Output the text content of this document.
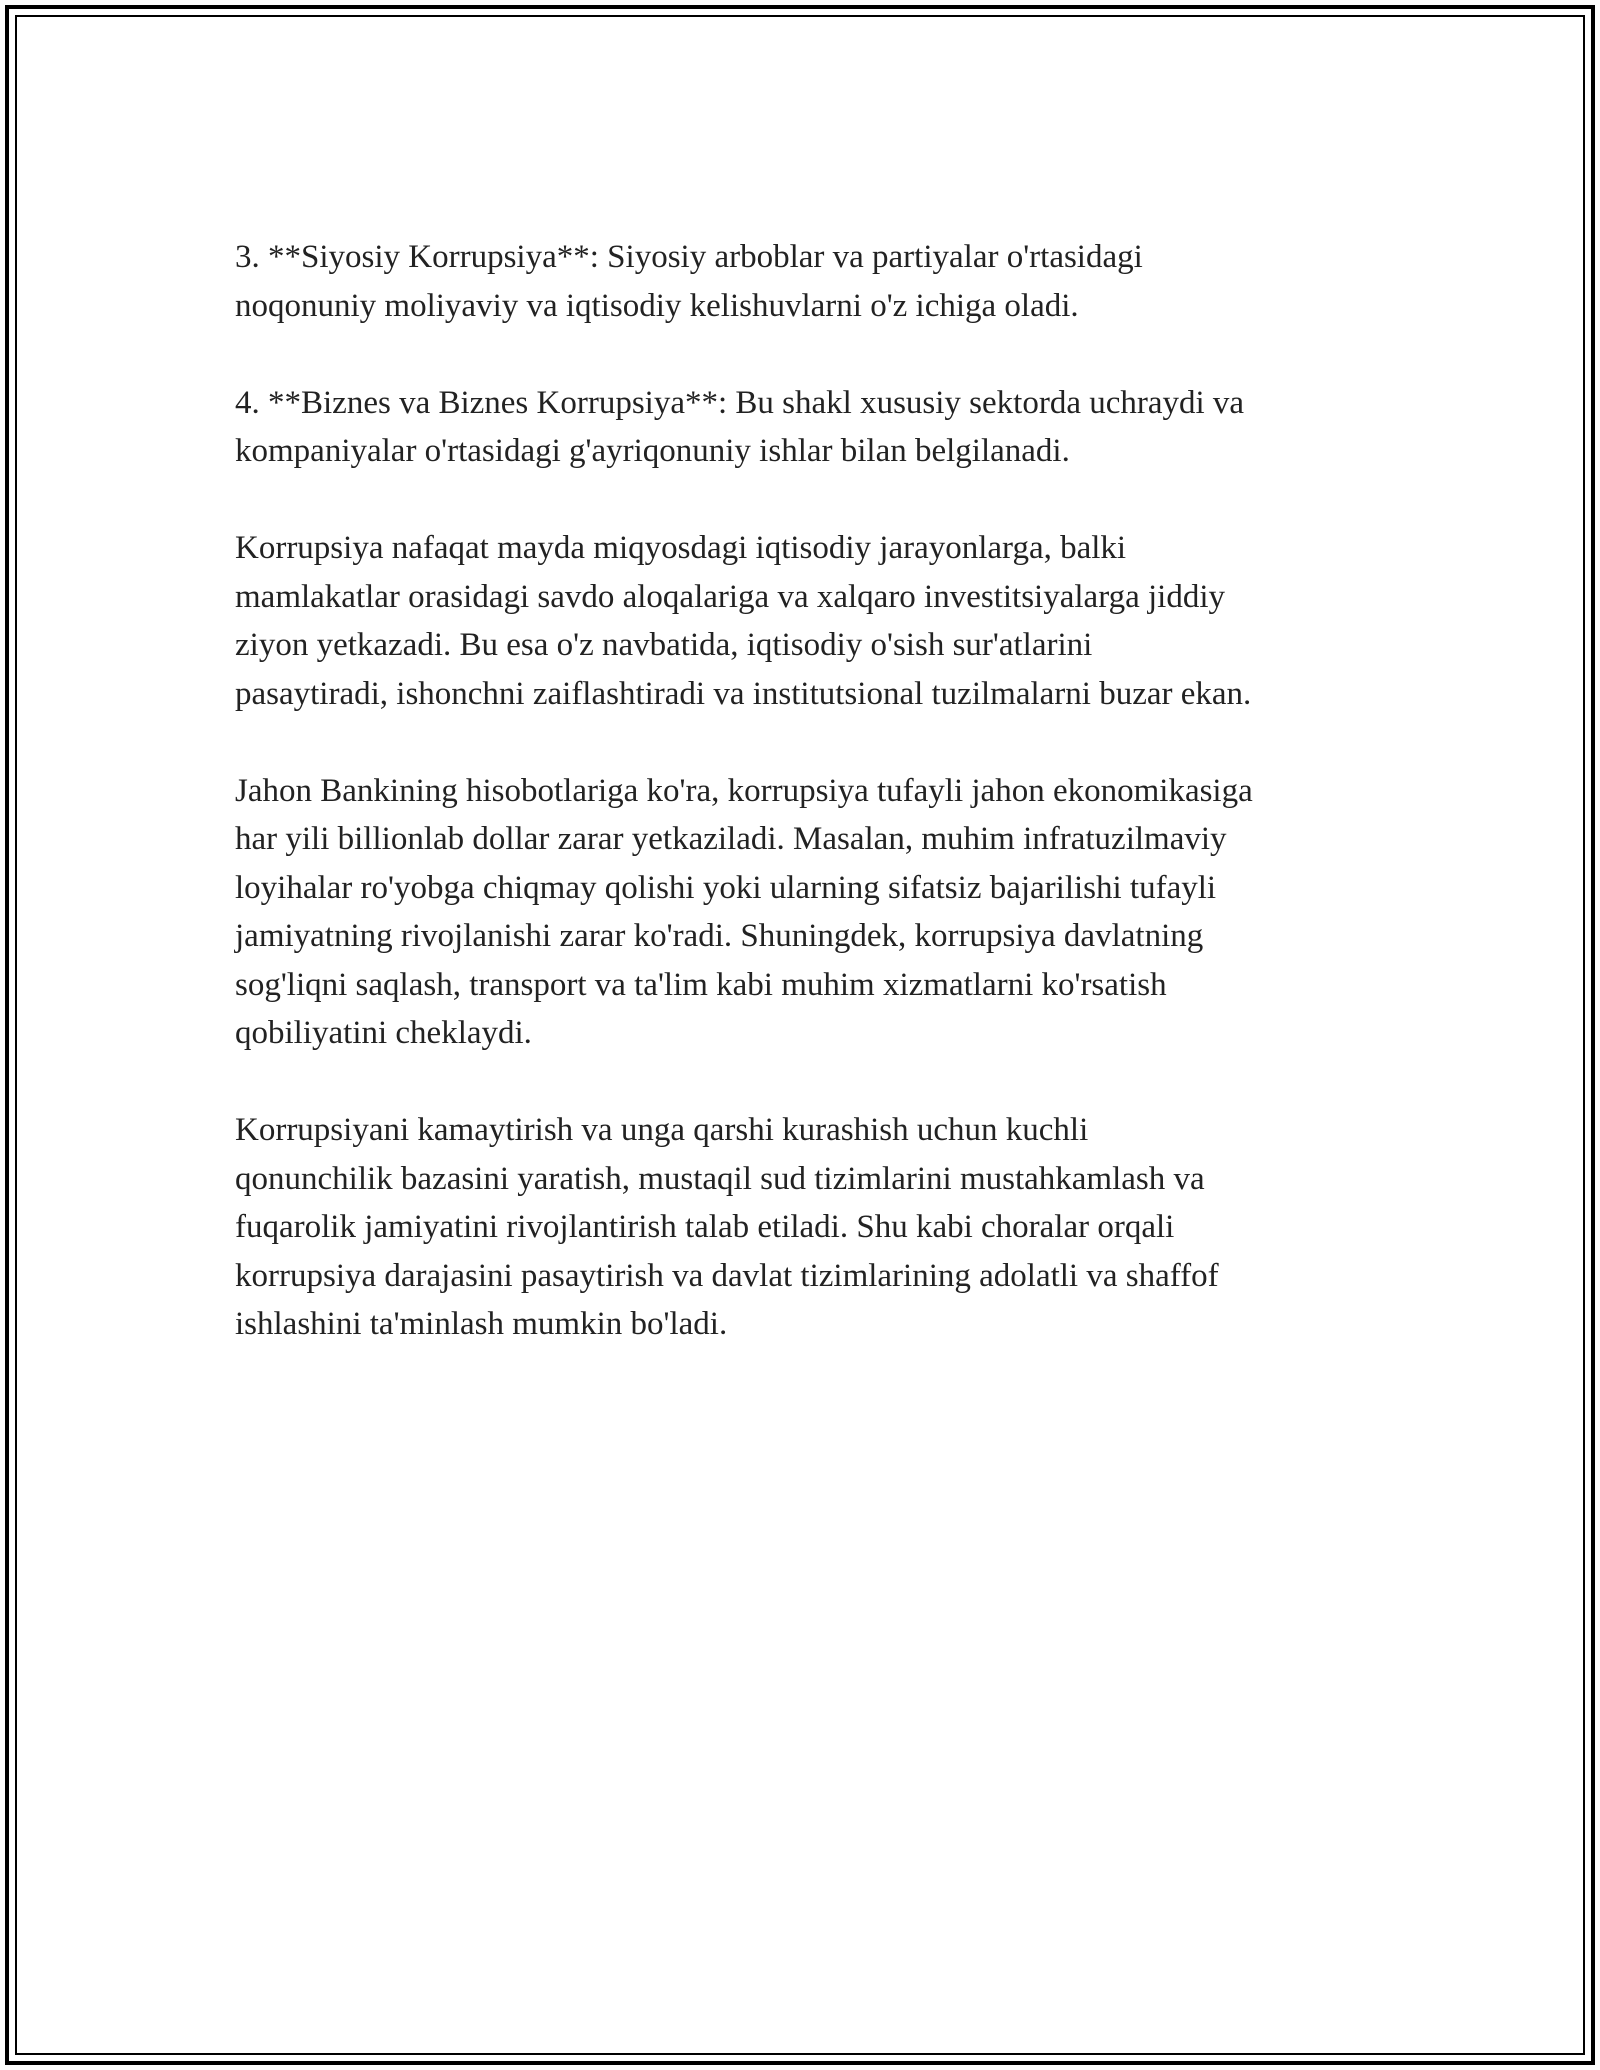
3. **Siyosiy Korrupsiya**: Siyosiy arboblar va partiyalar o'rtasidagi
noqonuniy moliyaviy va iqtisodiy kelishuvlarni o'z ichiga oladi.

4. **Biznes va Biznes Korrupsiya**: Bu shakl xususiy sektorda uchraydi va
kompaniyalar o'rtasidagi g'ayriqonuniy ishlar bilan belgilanadi.

Korrupsiya nafaqat mayda miqyosdagi iqtisodiy jarayonlarga, balki
mamlakatlar orasidagi savdo aloqalariga va xalqaro investitsiyalarga jiddiy
ziyon yetkazadi. Bu esa o'z navbatida, iqtisodiy o'sish sur'atlarini
pasaytiradi, ishonchni zaiflashtiradi va institutsional tuzilmalarni buzar ekan.

Jahon Bankining hisobotlariga ko'ra, korrupsiya tufayli jahon ekonomikasiga
har yili billionlab dollar zarar yetkaziladi. Masalan, muhim infratuzilmaviy
loyihalar ro'yobga chiqmay qolishi yoki ularning sifatsiz bajarilishi tufayli
jamiyatning rivojlanishi zarar ko'radi. Shuningdek, korrupsiya davlatning
sog'liqni saqlash, transport va ta'lim kabi muhim xizmatlarni ko'rsatish
qobiliyatini cheklaydi.

Korrupsiyani kamaytirish va unga qarshi kurashish uchun kuchli
qonunchilik bazasini yaratish, mustaqil sud tizimlarini mustahkamlash va
fuqarolik jamiyatini rivojlantirish talab etiladi. Shu kabi choralar orqali
korrupsiya darajasini pasaytirish va davlat tizimlarining adolatli va shaffof
ishlashini ta'minlash mumkin bo'ladi.
